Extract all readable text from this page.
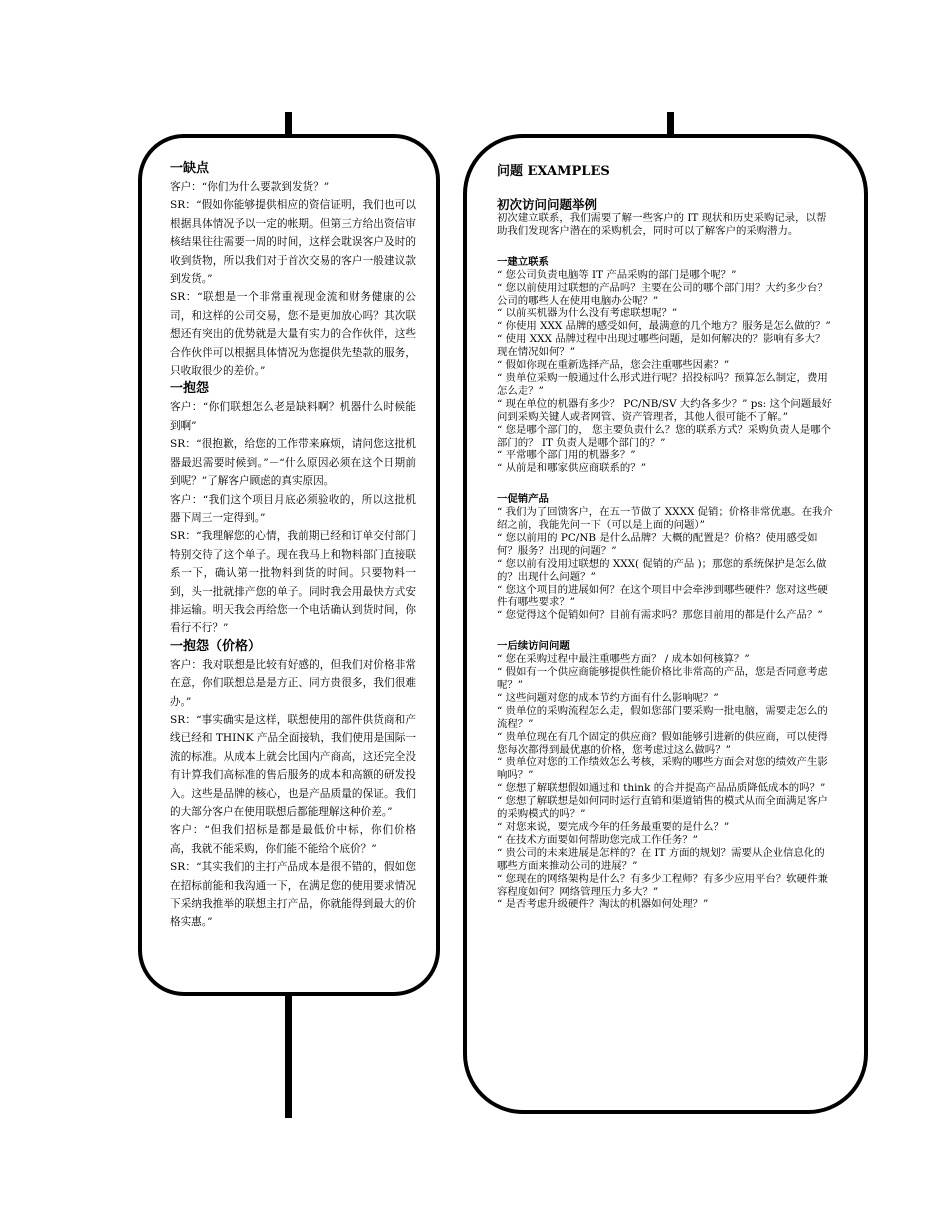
一缺点

客户：“你们为什么要款到发货？”

SR：“假如你能够提供相应的资信证明，我们也可以根据具体情况予以一定的帐期。但第三方给出资信审核结果往往需要一周的时间，这样会耽误客户及时的收到货物，所以我们对于首次交易的客户一般建议款到发货。”

SR：“联想是一个非常重视现金流和财务健康的公司，和这样的公司交易，您不是更加放心吗？其次联想还有突出的优势就是大量有实力的合作伙伴，这些合作伙伴可以根据具体情况为您提供先垫款的服务，只收取很少的差价。”

一抱怨

客户：“你们联想怎么老是缺料啊？机器什么时候能到啊”

SR：“很抱歉，给您的工作带来麻烦，请问您这批机器最迟需要时候到。”－“什么原因必须在这个日期前到呢？”了解客户顾虑的真实原因。

客户：“我们这个项目月底必须验收的，所以这批机器下周三一定得到。”

SR：“我理解您的心情，我前期已经和订单交付部门特别交待了这个单子。现在我马上和物料部门直接联系一下，确认第一批物料到货的时间。只要物料一到，头一批就排产您的单子。同时我会用最快方式安排运输。明天我会再给您一个电话确认到货时间，你看行不行？”

一抱怨（价格）

客户：我对联想是比较有好感的，但我们对价格非常在意，你们联想总是是方正、同方贵很多，我们很难办。”

SR：“事实确实是这样，联想使用的部件供货商和产线已经和 THINK 产品全面接轨，我们使用是国际一流的标准。从成本上就会比国内产商高，这还完全没有计算我们高标准的售后服务的成本和高额的研发投入。这些是品牌的核心，也是产品质量的保证。我们的大部分客户在使用联想后都能理解这种价差。”

客户：“但我们招标是都是最低价中标，你们价格高，我就不能采购，你们能不能给个底价？”

SR：“其实我们的主打产品成本是很不错的，假如您在招标前能和我沟通一下，在满足您的使用要求情况下采纳我推举的联想主打产品，你就能得到最大的价格实惠。”

问题 EXAMPLES
初次访问问题举例

初次建立联系，我们需要了解一些客户的 IT 现状和历史采购记录，以帮助我们发现客户潜在的采购机会，同时可以了解客户的采购潜力。

一建立联系

“ 您公司负责电脑等 IT 产品采购的部门是哪个呢？”

“ 您以前使用过联想的产品吗？主要在公司的哪个部门用？大约多少台？公司的哪些人在使用电脑办公呢？”

“ 以前买机器为什么没有考虑联想呢？”

“ 你使用 XXX 品牌的感受如何，最满意的几个地方？服务是怎么做的？”

“ 使用 XXX 品牌过程中出现过哪些问题，是如何解决的？影响有多大？现在情况如何？”

“ 假如你现在重新选择产品，您会注重哪些因素？”

“ 贵单位采购一般通过什么形式进行呢？招投标吗？预算怎么制定，费用怎么走？”

“ 现在单位的机器有多少？ PC/NB/SV 大约各多少？” ps: 这个问题最好问到采购关键人或者网管、资产管理者，其他人很可能不了解。”

“ 您是哪个部门的， 您主要负责什么？您的联系方式？采购负责人是哪个部门的？ IT 负责人是哪个部门的？”

“ 平常哪个部门用的机器多？”

“ 从前是和哪家供应商联系的？”

一促销产品

“ 我们为了回馈客户，在五一节做了 XXXX 促销；价格非常优惠。在我介绍之前，我能先问一下（可以是上面的问题）”

“ 您以前用的 PC/NB 是什么品牌？大概的配置是？价格？使用感受如何？服务？出现的问题？”

“ 您以前有没用过联想的 XXX( 促销的产品 )；那您的系统保护是怎么做的？出现什么问题？”

“ 您这个项目的进展如何？在这个项目中会牵涉到哪些硬件？您对这些硬件有哪些要求？”

“ 您觉得这个促销如何？目前有需求吗？那您目前用的都是什么产品？”

一后续访问问题

“ 您在采购过程中最注重哪些方面？ / 成本如何核算？”

“ 假如有一个供应商能够提供性能价格比非常高的产品，您是否同意考虑呢？”

“ 这些问题对您的成本节约方面有什么影响呢？”

“ 贵单位的采购流程怎么走，假如您部门要采购一批电脑，需要走怎么的流程？”

“ 贵单位现在有几个固定的供应商？假如能够引进新的供应商，可以使得您每次都得到最优惠的价格，您考虑过这么做吗？”

“ 贵单位对您的工作绩效怎么考核，采购的哪些方面会对您的绩效产生影响吗？”

“ 您想了解联想假如通过和 think 的合并提高产品品质降低成本的吗？”

“ 您想了解联想是如何同时运行直销和渠道销售的模式从而全面满足客户的采购模式的吗？”

“ 对您来说，要完成今年的任务最重要的是什么？”

“ 在技术方面要如何帮助您完成工作任务？”

“ 贵公司的未来进展是怎样的？在 IT 方面的规划？需要从企业信息化的哪些方面来推动公司的进展？”

“ 您现在的网络架构是什么？有多少工程师？有多少应用平台？软硬件兼容程度如何？网络管理压力多大？”

“ 是否考虑升级硬件？淘汰的机器如何处理？”
